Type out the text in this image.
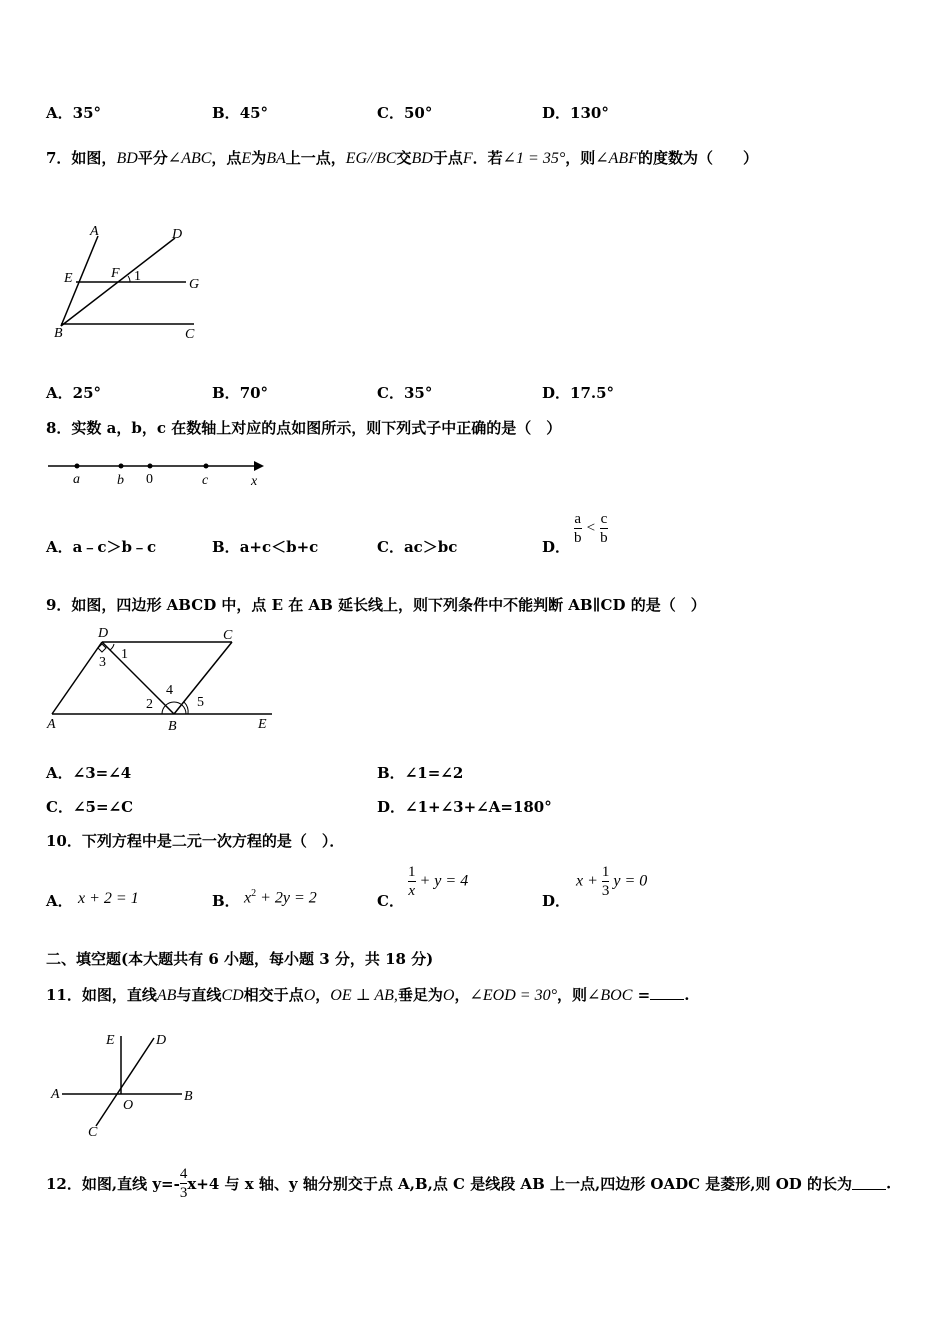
A．35°	B．45°	C．50°	D．130°
7．如图，BD平分∠ABC，点E为BA上一点，EG//BC交BD于点F．若∠1 = 35°，则∠ABF的度数为（　　）
A	D
E	F 1
G
B	C
A．25°	B．70°	C．35°	D．17.5°
8．实数 a，b，c 在数轴上对应的点如图所示，则下列式子中正确的是（　）
a	b 0	c	x
A．a﹣c＞b﹣c	B．a+c＜b+c	C．ac＞bc	D．
$\frac{a}{b} < \frac{c}{b}$
9．如图，四边形 ABCD 中，点 E 在 AB 延长线上，则下列条件中不能判断 AB∥CD 的是（　）
D	C
1
3
4
2	5
A	B	E
A．∠3=∠4	B．∠1=∠2
C．∠5=∠C	D．∠1+∠3+∠A=180°
10．下列方程中是二元一次方程的是（　）．
A． x + 2 = 1	B． $x^2 + 2y = 2$	C．
$\frac{1}{x} + y = 4$
D．
$x + \frac{1}{3}$ y = 0
二、填空题(本大题共有 6 小题，每小题 3 分，共 18 分)
11．如图，直线AB与直线CD相交于点O，OE ⊥ AB,垂足为O，∠EOD = 30°，则∠BOC = .
E	D
A
O
B
C
12．如图,直线 $y=- \frac{4}{3} x+4$ 与 x 轴、y 轴分别交于点 A,B,点 C 是线段 AB 上一点,四边形 OADC 是菱形,则 OD 的长为 .
